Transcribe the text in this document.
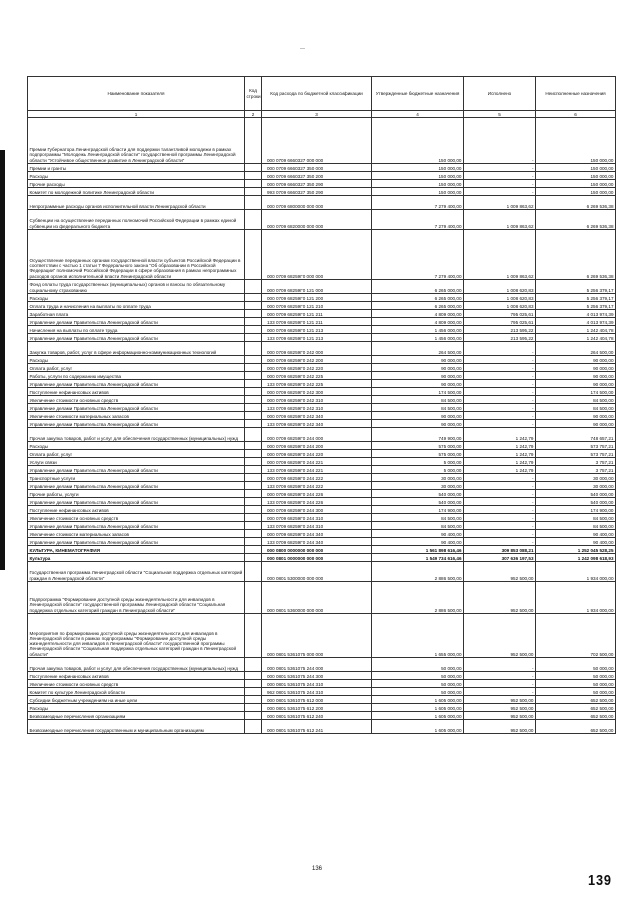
—
Наименование показателя	Код строки	Код расхода по бюджетной классификации	Утвержденные бюджетные назначения	Исполнено	Неисполненные назначения
1	2	3	4	5	6
Премии Губернатора Ленинградской области для поддержки талантливой молодежи в рамках подпрограммы "Молодежь Ленинградской области" государственной программы Ленинградской области "Устойчивое общественное развитие в Ленинградской области"		000 0709 6660327 000 000	150 000,00	-	150 000,00
Премии и гранты		000 0709 6660327 350 000	150 000,00	-	150 000,00
Расходы		000 0709 6660327 350 200	150 000,00	-	150 000,00
Прочие расходы		000 0709 6660327 350 290	150 000,00	-	150 000,00
Комитет по молодежной политике Ленинградской области		993 0709 6660327 350 290	150 000,00	-	150 000,00
Непрограммные расходы органов исполнительной власти Ленинградской области		000 0709 6800000 000 000	7 279 400,00	1 009 863,62	6 269 536,38
Субвенции на осуществление переданных полномочий Российской Федерации в рамках единой субвенции из федерального бюджета		000 0709 6820000 000 000	7 279 400,00	1 009 863,62	6 269 536,38
Осуществление переданных органам государственной власти субъектов Российской Федерации в соответствии с частью 1 статьи 7 Федерального закона "Об образовании в Российской Федерации" полномочий Российской Федерации в сфере образования в рамках непрограммных расходов органов исполнительной власти Ленинградской области		000 0709 68259Г0 000 000	7 279 400,00	1 009 863,62	6 269 536,38
Фонд оплаты труда государственных (муниципальных) органов и взносы по обязательному социальному страхованию		000 0709 68259Г0 121 000	6 265 000,00	1 008 620,83	5 256 379,17
Расходы		000 0709 68259Г0 121 200	6 265 000,00	1 008 620,83	5 256 379,17
Оплата труда и начисления на выплаты по оплате труда		000 0709 68259Г0 121 210	6 265 000,00	1 008 620,83	5 256 379,17
Заработная плата		000 0709 68259Г0 121 211	4 809 000,00	795 025,61	4 013 974,39
Управление делами Правительства Ленинградской области		133 0709 68259Г0 121 211	4 809 000,00	795 025,61	4 013 974,39
Начисления на выплаты по оплате труда		000 0709 68259Г0 121 213	1 456 000,00	213 595,22	1 242 404,78
Управление делами Правительства Ленинградской области		133 0709 68259Г0 121 213	1 456 000,00	213 595,22	1 242 404,78
Закупка товаров, работ, услуг в сфере информационно-коммуникационных технологий		000 0709 68259Г0 242 000	264 500,00	-	264 500,00
Расходы		000 0709 68259Г0 242 200	90 000,00	-	90 000,00
Оплата работ, услуг		000 0709 68259Г0 242 220	90 000,00	-	90 000,00
Работы, услуги по содержанию имущества		000 0709 68259Г0 242 225	90 000,00	-	90 000,00
Управление делами Правительства Ленинградской области		133 0709 68259Г0 242 225	90 000,00	-	90 000,00
Поступление нефинансовых активов		000 0709 68259Г0 242 300	174 500,00	-	174 500,00
Увеличение стоимости основных средств		000 0709 68259Г0 242 310	84 500,00	-	84 500,00
Управление делами Правительства Ленинградской области		133 0709 68259Г0 242 310	84 500,00	-	84 500,00
Увеличение стоимости материальных запасов		000 0709 68259Г0 242 340	90 000,00	-	90 000,00
Управление делами Правительства Ленинградской области		133 0709 68259Г0 242 340	90 000,00	-	90 000,00
Прочая закупка товаров, работ и услуг для обеспечения государственных (муниципальных) нужд		000 0709 68259Г0 244 000	749 900,00	1 242,79	748 657,21
Расходы		000 0709 68259Г0 244 200	575 000,00	1 242,79	573 757,21
Оплата работ, услуг		000 0709 68259Г0 244 220	575 000,00	1 242,79	573 757,21
Услуги связи		000 0709 68259Г0 244 221	5 000,00	1 242,79	3 757,21
Управление делами Правительства Ленинградской области		133 0709 68259Г0 244 221	5 000,00	1 242,79	3 757,21
Транспортные услуги		000 0709 68259Г0 244 222	30 000,00	-	30 000,00
Управление делами Правительства Ленинградской области		133 0709 68259Г0 244 222	30 000,00	-	30 000,00
Прочие работы, услуги		000 0709 68259Г0 244 226	540 000,00	-	540 000,00
Управление делами Правительства Ленинградской области		133 0709 68259Г0 244 226	540 000,00	-	540 000,00
Поступление нефинансовых активов		000 0709 68259Г0 244 300	174 900,00	-	174 900,00
Увеличение стоимости основных средств		000 0709 68259Г0 244 310	84 500,00	-	84 500,00
Управление делами Правительства Ленинградской области		133 0709 68259Г0 244 310	84 500,00	-	84 500,00
Увеличение стоимости материальных запасов		000 0709 68259Г0 244 340	90 400,00	-	90 400,00
Управление делами Правительства Ленинградской области		133 0709 68259Г0 244 340	90 400,00	-	90 400,00
КУЛЬТУРА, КИНЕМАТОГРАФИЯ		000 0800 0000000 000 000	1 561 898 616,46	309 853 088,21	1 252 045 528,25
Культура		000 0801 0000000 000 000	1 549 734 616,46	307 636 197,53	1 242 098 618,93
Государственная программа Ленинградской области "Социальная поддержка отдельных категорий граждан в Ленинградской области"		000 0801 5300000 000 000	2 886 500,00	952 500,00	1 934 000,00
Подпрограмма "Формирование доступной среды жизнедеятельности для инвалидов в Ленинградской области" государственной программы Ленинградской области "Социальная поддержка отдельных категорий граждан в Ленинградской области"		000 0801 5360000 000 000	2 886 500,00	952 500,00	1 934 000,00
Мероприятия по формированию доступной среды жизнедеятельности для инвалидов в Ленинградской области в рамках подпрограммы "Формирование доступной среды жизнедеятельности для инвалидов в Ленинградской области" государственной программы Ленинградской области "Социальная поддержка отдельных категорий граждан в Ленинградской области"		000 0801 5361075 000 000	1 655 000,00	952 500,00	702 500,00
Прочая закупка товаров, работ и услуг для обеспечения государственных (муниципальных) нужд		000 0801 5361075 244 000	50 000,00	-	50 000,00
Поступление нефинансовых активов		000 0801 5361075 244 300	50 000,00	-	50 000,00
Увеличение стоимости основных средств		000 0801 5361075 244 310	50 000,00	-	50 000,00
Комитет по культуре Ленинградской области		962 0801 5361075 244 310	50 000,00	-	50 000,00
Субсидии бюджетным учреждениям на иные цели		000 0801 5361075 612 000	1 605 000,00	952 500,00	652 500,00
Расходы		000 0801 5361075 612 200	1 605 000,00	952 500,00	652 500,00
Безвозмездные перечисления организациям		000 0801 5361075 612 240	1 605 000,00	952 500,00	652 500,00
Безвозмездные перечисления государственным и муниципальным организациям		000 0801 5361075 612 241	1 605 000,00	952 500,00	652 500,00
136
139
